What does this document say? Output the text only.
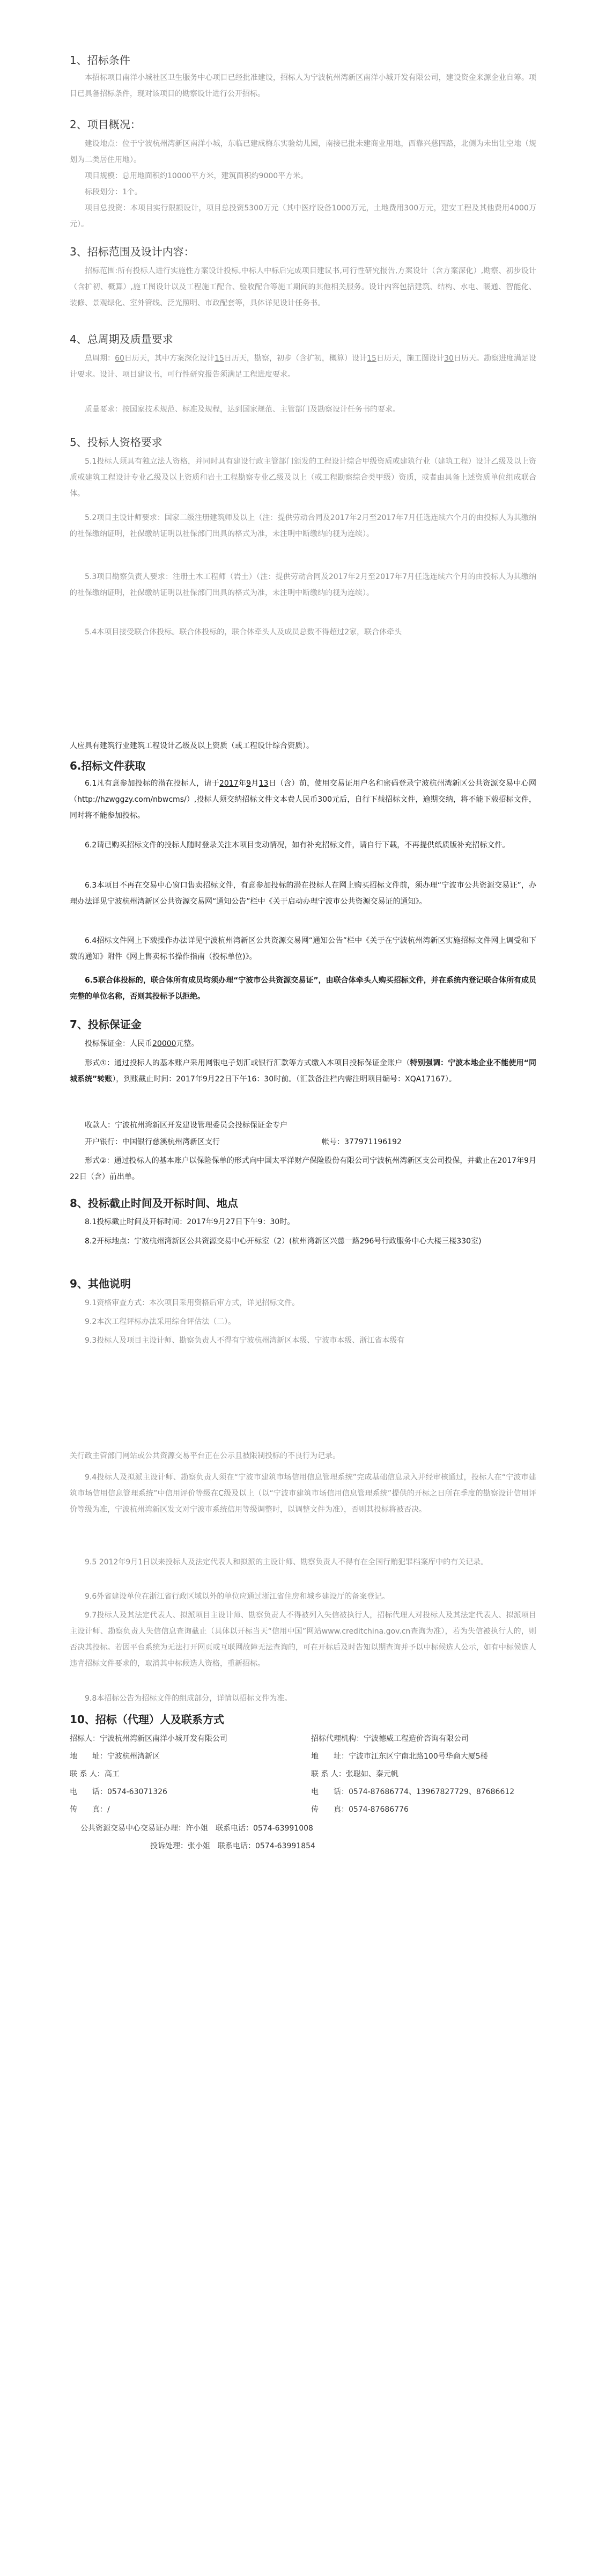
1、招标条件
本招标项目南洋小城社区卫生服务中心项目已经批准建设，招标人为宁波杭州湾新区南洋小城开发有限公司，建设资金来源企业自筹。项目已具备招标条件，现对该项目的勘察设计进行公开招标。
2、项目概况：
建设地点：位于宁波杭州湾新区南洋小城，东临已建成梅东实验幼儿园，南接已批未建商业用地，西靠兴慈四路，北侧为未出让空地（规划为二类居住用地）。
项目规模：总用地面积约10000平方米，建筑面积约9000平方米。
标段划分：1个。
项目总投资：本项目实行限额设计，项目总投资5300万元（其中医疗设备1000万元，土地费用300万元，建安工程及其他费用4000万元）。
3、招标范围及设计内容：
招标范围:所有投标人进行实施性方案设计投标,中标人中标后完成项目建议书,可行性研究报告,方案设计（含方案深化）,勘察、初步设计（含扩初、概算）,施工图设计以及工程施工配合、验收配合等施工期间的其他相关服务。设计内容包括建筑、结构、水电、暖通、智能化、装修、景观绿化、室外管线、泛光照明、市政配套等，具体详见设计任务书。
4、总周期及质量要求
总周期：60日历天，其中方案深化设计15日历天，勘察，初步（含扩初，概算）设计15日历天，施工图设计30日历天。勘察进度满足设计要求。设计、项目建议书，可行性研究报告须满足工程进度要求。
质量要求：按国家技术规范、标准及规程，达到国家规范、主管部门及勘察设计任务书的要求。
5、投标人资格要求
5.1投标人须具有独立法人资格，并同时具有建设行政主管部门颁发的工程设计综合甲级资质或建筑行业（建筑工程）设计乙级及以上资质或建筑工程设计专业乙级及以上资质和岩土工程勘察专业乙级及以上（或工程勘察综合类甲级）资质，或者由具备上述资质单位组成联合体。
5.2项目主设计师要求：国家二级注册建筑师及以上（注：提供劳动合同及2017年2月至2017年7月任选连续六个月的由投标人为其缴纳的社保缴纳证明，社保缴纳证明以社保部门出具的格式为准，未注明中断缴纳的视为连续）。
5.3项目勘察负责人要求：注册土木工程师（岩土）（注：提供劳动合同及2017年2月至2017年7月任选连续六个月的由投标人为其缴纳的社保缴纳证明，社保缴纳证明以社保部门出具的格式为准，未注明中断缴纳的视为连续）。
5.4本项目接受联合体投标。联合体投标的，联合体牵头人及成员总数不得超过2家，联合体牵头
人应具有建筑行业建筑工程设计乙级及以上资质（或工程设计综合资质）。
6.招标文件获取
6.1凡有意参加投标的潜在投标人，请于2017年9月13日（含）前，使用交易证用户名和密码登录宁波杭州湾新区公共资源交易中心网（http://hzwggzy.com/nbwcms/）,投标人须交纳招标文件文本费人民币300元后，自行下载招标文件，逾期交纳，将不能下载招标文件，同时将不能参加投标。
6.2请已购买招标文件的投标人随时登录关注本项目变动情况，如有补充招标文件，请自行下载，不再提供纸质版补充招标文件。
6.3本项目不再在交易中心窗口售卖招标文件，有意参加投标的潜在投标人在网上购买招标文件前，须办理“宁波市公共资源交易证”，办理办法详见宁波杭州湾新区公共资源交易网“通知公告”栏中《关于启动办理宁波市公共资源交易证的通知》。
6.4招标文件网上下载操作办法详见宁波杭州湾新区公共资源交易网“通知公告”栏中《关于在宁波杭州湾新区实施招标文件网上调受和下载的通知》附件《网上售卖标书操作指南（投标单位)》。
6.5联合体投标的，联合体所有成员均须办理“宁波市公共资源交易证”，由联合体牵头人购买招标文件，并在系统内登记联合体所有成员完整的单位名称，否则其投标予以拒绝。
7、投标保证金
投标保证金：人民币20000元整。
形式①：通过投标人的基本账户采用网银电子划汇或银行汇款等方式缴入本项目投标保证金账户（特别强调：宁波本地企业不能使用“同城系统”转账），到账截止时间：2017年9月22日下午16：30时前。（汇款备注栏内需注明项目编号：XQA17167）。
收款人：宁波杭州湾新区开发建设管理委员会投标保证金专户
开户银行：中国银行慈溪杭州湾新区支行	帐号：377971196192
形式②：通过投标人的基本账户以保险保单的形式向中国太平洋财产保险股份有限公司宁波杭州湾新区支公司投保，并截止在2017年9月22日（含）前出单。
8、投标截止时间及开标时间、地点
8.1投标截止时间及开标时间：2017年9月27日下午9：30时。
8.2开标地点：宁波杭州湾新区公共资源交易中心开标室（2）(杭州湾新区兴慈一路296号行政服务中心大楼三楼330室)
9、其他说明
9.1资格审查方式：本次项目采用资格后审方式，详见招标文件。
9.2本次工程评标办法采用综合评估法（二）。
9.3投标人及项目主设计师、勘察负责人不得有宁波杭州湾新区本级、宁波市本级、浙江省本级有
关行政主管部门网站或公共资源交易平台正在公示且被限制投标的不良行为记录。
9.4投标人及拟派主设计师、勘察负责人须在“宁波市建筑市场信用信息管理系统”完成基础信息录入并经审核通过，投标人在“宁波市建筑市场信用信息管理系统”中信用评价等级在C级及以上（以“宁波市建筑市场信用信息管理系统”提供的开标之日所在季度的勘察设计信用评价等级为准，宁波杭州湾新区发文对宁波市系统信用等级调整时，以调整文件为准），否则其投标将被否决。
9.5 2012年9月1日以来投标人及法定代表人和拟派的主设计师、勘察负责人不得有在全国行贿犯罪档案库中的有关记录。
9.6外省建设单位在浙江省行政区域以外的单位应通过浙江省住房和城乡建设厅的备案登记。
9.7投标人及其法定代表人、拟派项目主设计师、勘察负责人不得被列入失信被执行人，招标代理人对投标人及其法定代表人、拟派项目主设计师、勘察负责人失信信息查询截止（具体以开标当天“信用中国”网站www.creditchina.gov.cn查询为准），若为失信被执行人的，则否决其投标。若因平台系统为无法打开网页或互联网故障无法查询的，可在开标后及时告知以期查询并予以中标候选人公示，如有中标候选人违背招标文件要求的，取消其中标候选人资格，重新招标。
9.8本招标公告为招标文件的组成部分，详情以招标文件为准。
10、招标（代理）人及联系方式
招标人：宁波杭州湾新区南洋小城开发有限公司	招标代理机构：宁波德威工程造价咨询有限公司
地　　址：宁波杭州湾新区	地　　址：宁波市江东区宁南北路100号华商大厦5楼
联 系 人：高工	联 系 人：张聪如、秦元帆
电　　话：0574-63071326	电　　话：0574-87686774、13967827729、87686612
传　　真：/	传　　真：0574-87686776
公共资源交易中心交易证办理：许小姐　联系电话：0574-63991008
投诉处理：张小姐　联系电话：0574-63991854
